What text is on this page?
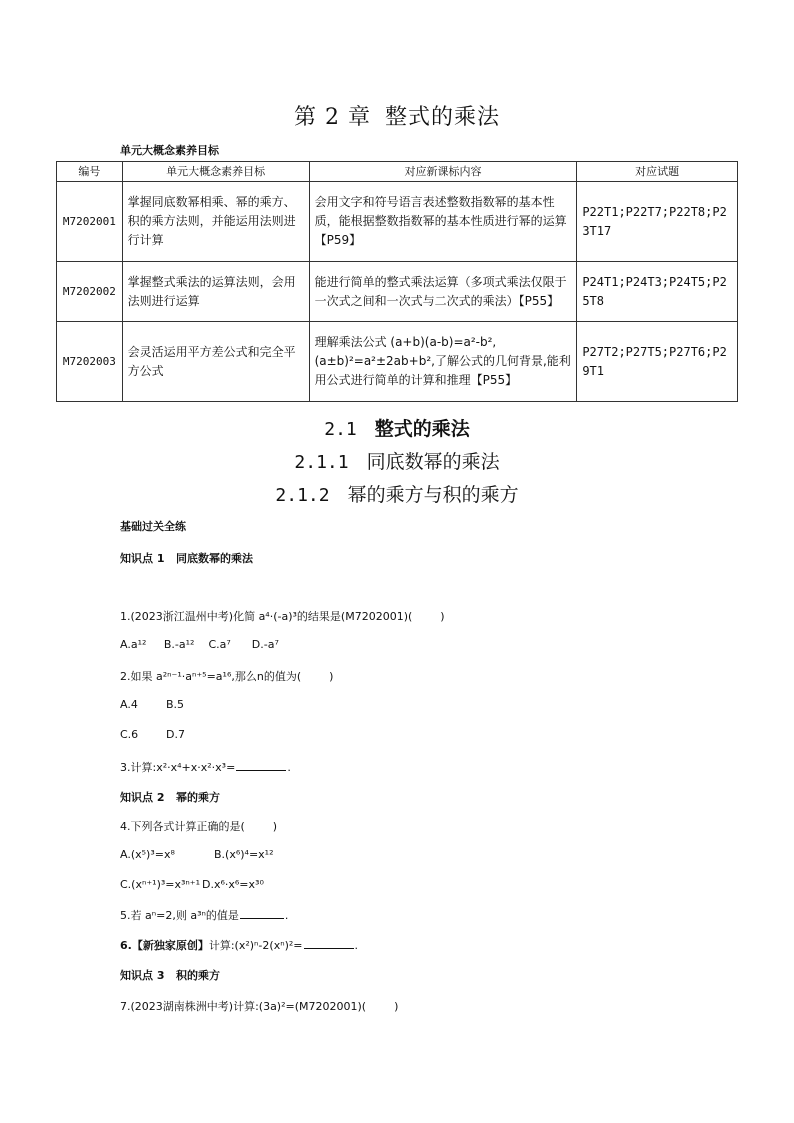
第 2 章 整式的乘法
单元大概念素养目标
编号	单元大概念素养目标	对应新课标内容	对应试题
M7202001	掌握同底数幂相乘、幂的乘方、积的乘方法则，并能运用法则进行计算	会用文字和符号语言表述整数指数幂的基本性质，能根据整数指数幂的基本性质进行幂的运算【P59】	P22T1;P22T7;P22T8;P23T17
M7202002	掌握整式乘法的运算法则，会用法则进行运算	能进行简单的整式乘法运算（多项式乘法仅限于一次式之间和一次式与二次式的乘法）【P55】	P24T1;P24T3;P24T5;P25T8
M7202003	会灵活运用平方差公式和完全平方公式	理解乘法公式 (a+b)(a-b)=a²-b²,(a±b)²=a²±2ab+b²,了解公式的几何背景,能利用公式进行简单的计算和推理【P55】	P27T2;P27T5;P27T6;P29T1
2.1 整式的乘法
2.1.1 同底数幂的乘法
2.1.2 幂的乘方与积的乘方
基础过关全练
知识点 1 同底数幂的乘法
1.(2023浙江温州中考)化简 a⁴·(-a)³的结果是(M7202001)(	)
A.a¹² B.-a¹² C.a⁷ D.-a⁷
2.如果 a²ⁿ⁻¹·aⁿ⁺⁵=a¹⁶,那么n的值为(	)
A.4	B.5
C.6	D.7
3.计算:x²·x⁴+x·x²·x³=	.
知识点 2 幂的乘方
4.下列各式计算正确的是(	)
A.(x⁵)³=x⁸	B.(x⁶)⁴=x¹²
C.(xⁿ⁺¹)³=x³ⁿ⁺¹ D.x⁶·x⁶=x³⁰
5.若 aⁿ=2,则 a³ⁿ的值是	.
6.【新独家原创】计算:(x²)ⁿ-2(xⁿ)²=	.
知识点 3 积的乘方
7.(2023湖南株洲中考)计算:(3a)²=(M7202001)(	)
